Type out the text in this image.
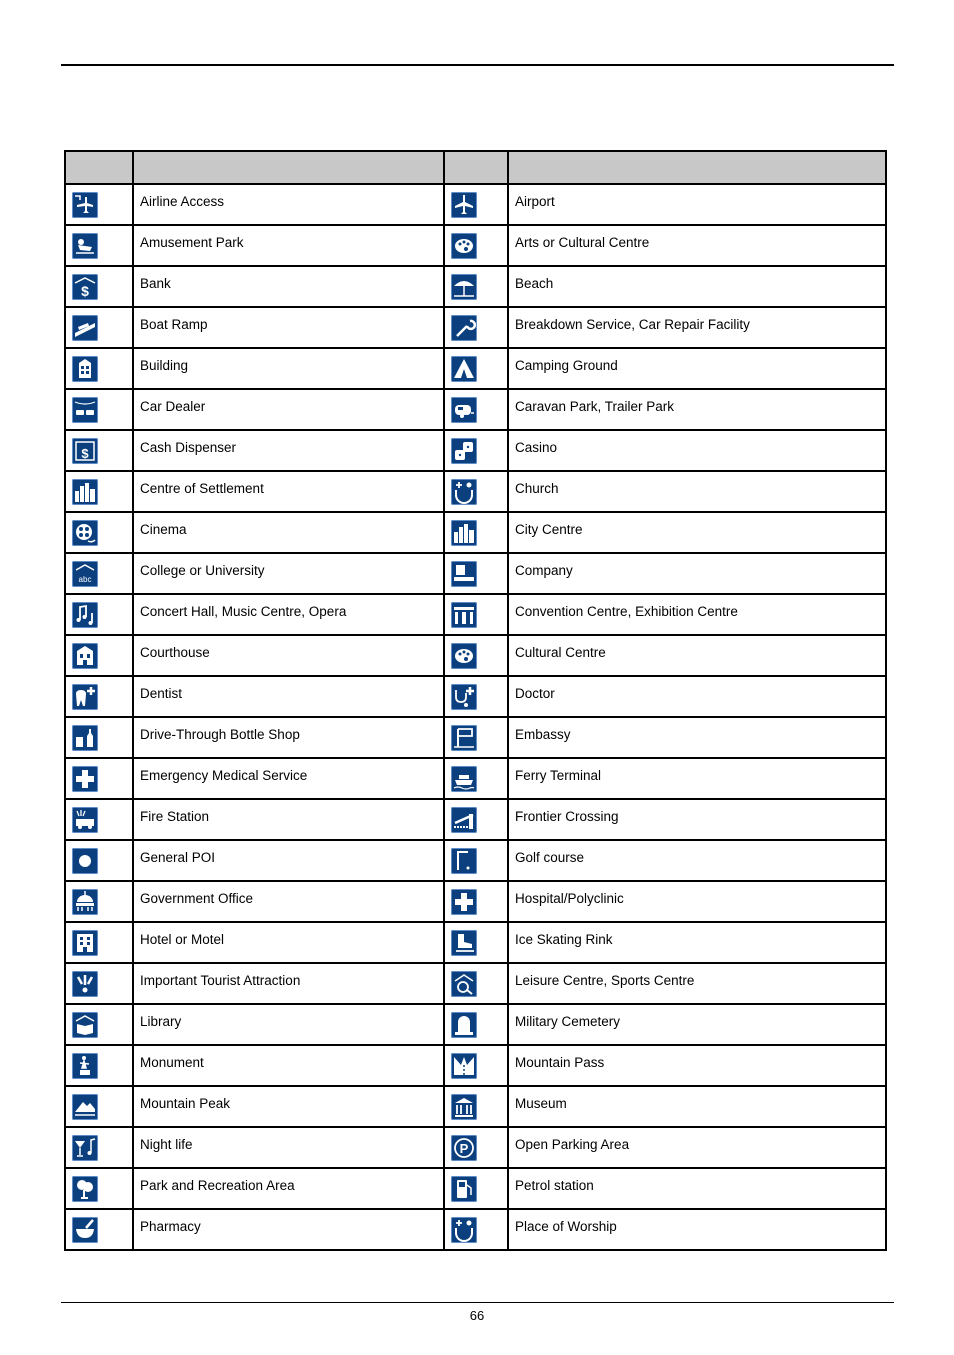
Airline Access		Airport

Amusement Park		Arts or Cultural Centre

$	Bank		Beach

Boat Ramp		Breakdown Service, Car Repair Facility

Building		Camping Ground

Car Dealer		Caravan Park, Trailer Park

$	Cash Dispenser		Casino

Centre of Settlement		Church

Cinema		City Centre

abc	College or University		Company

Concert Hall, Music Centre, Opera		Convention Centre, Exhibition Centre

Courthouse		Cultural Centre

Dentist		Doctor

Drive-Through Bottle Shop		Embassy

Emergency Medical Service		Ferry Terminal

Fire Station		Frontier Crossing

General POI		Golf course

Government Office		Hospital/Polyclinic

Hotel or Motel		Ice Skating Rink

Important Tourist Attraction		Leisure Centre, Sports Centre

Library		Military Cemetery

Monument		Mountain Pass

Mountain Peak		Museum

Night life	P	Open Parking Area

Park and Recreation Area		Petrol station

Pharmacy		Place of Worship
66
